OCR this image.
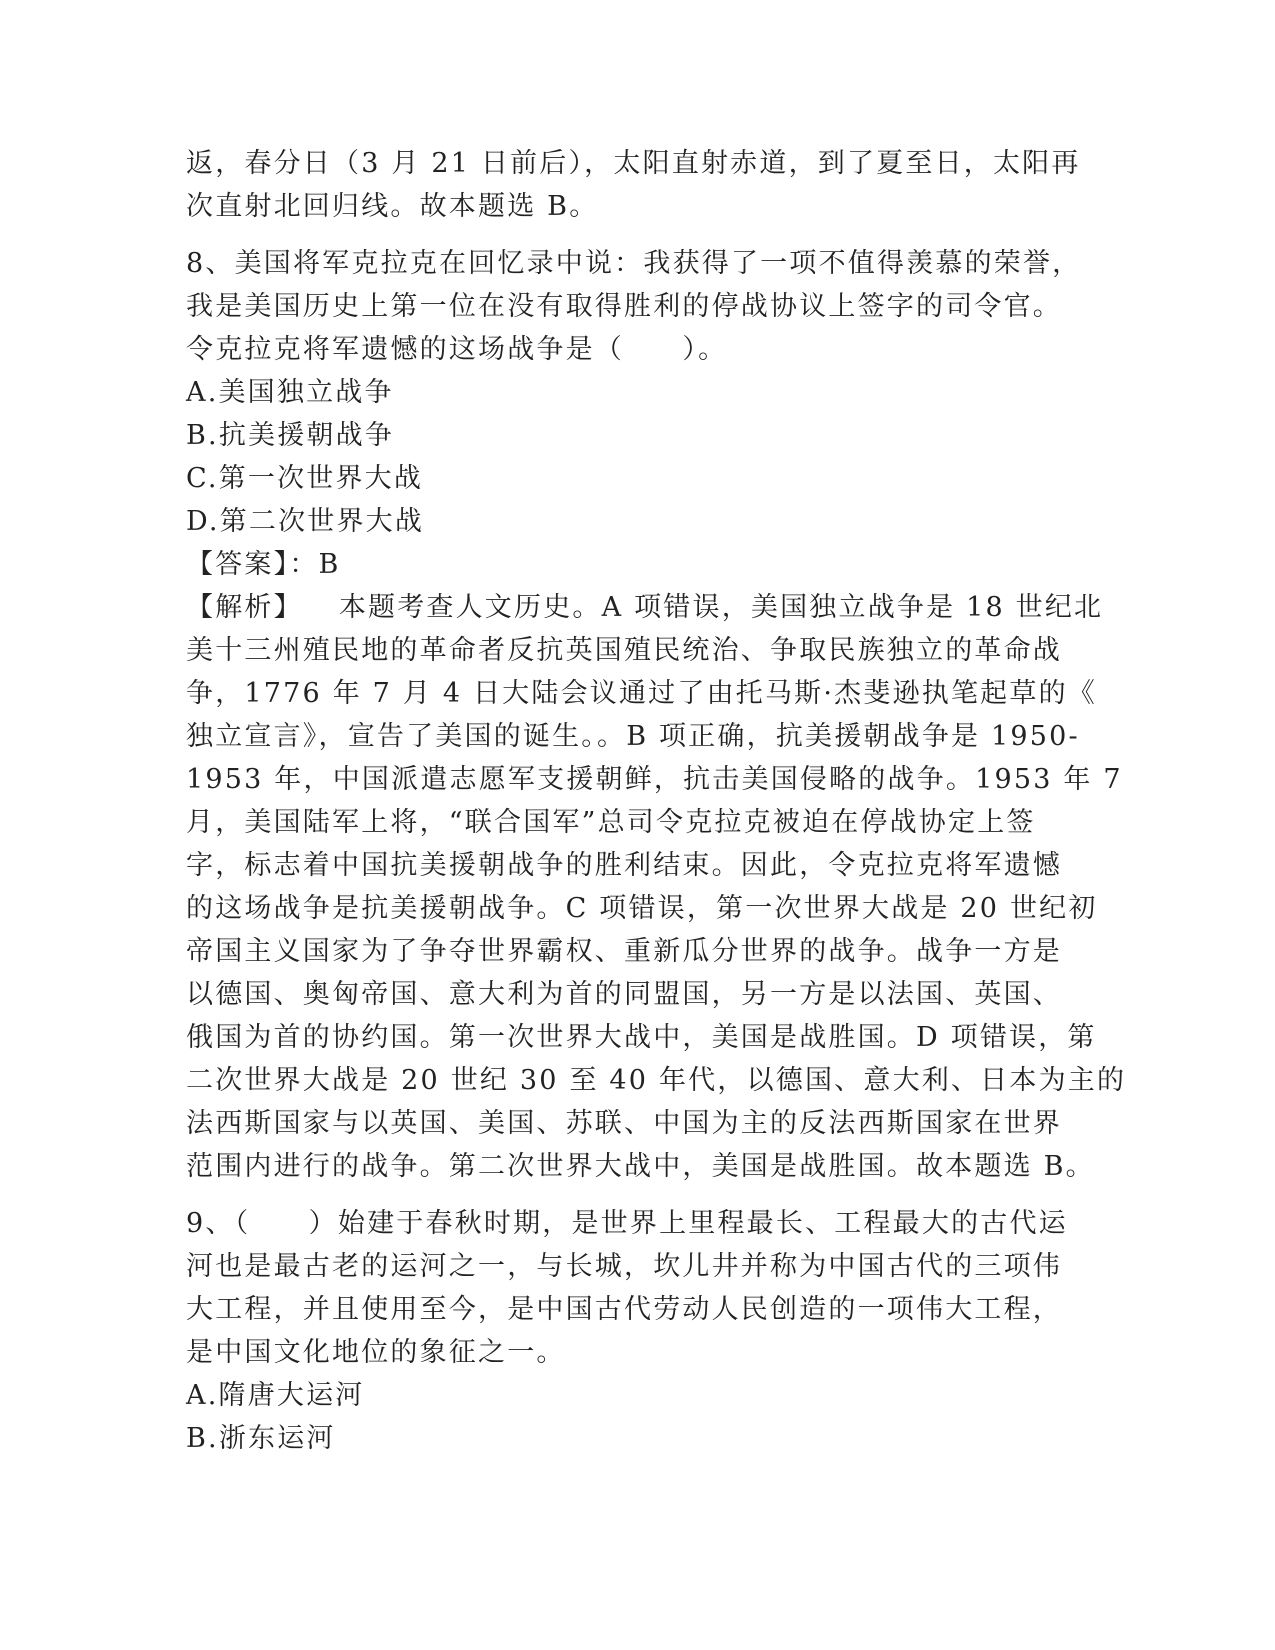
返，春分日（3 月 21 日前后），太阳直射赤道，到了夏至日，太阳再
次直射北回归线。故本题选 B。
8、美国将军克拉克在回忆录中说：我获得了一项不值得羡慕的荣誉，
我是美国历史上第一位在没有取得胜利的停战协议上签字的司令官。
令克拉克将军遗憾的这场战争是（　　）。
A.美国独立战争
B.抗美援朝战争
C.第一次世界大战
D.第二次世界大战
【答案】：B
【解析】 本题考查人文历史。A 项错误，美国独立战争是 18 世纪北
美十三州殖民地的革命者反抗英国殖民统治、争取民族独立的革命战
争，1776 年 7 月 4 日大陆会议通过了由托马斯·杰斐逊执笔起草的《
独立宣言》，宣告了美国的诞生。。B 项正确，抗美援朝战争是 1950-
1953 年，中国派遣志愿军支援朝鲜，抗击美国侵略的战争。1953 年 7
月，美国陆军上将，“联合国军”总司令克拉克被迫在停战协定上签
字，标志着中国抗美援朝战争的胜利结束。因此，令克拉克将军遗憾
的这场战争是抗美援朝战争。C 项错误，第一次世界大战是 20 世纪初
帝国主义国家为了争夺世界霸权、重新瓜分世界的战争。战争一方是
以德国、奥匈帝国、意大利为首的同盟国，另一方是以法国、英国、
俄国为首的协约国。第一次世界大战中，美国是战胜国。D 项错误，第
二次世界大战是 20 世纪 30 至 40 年代，以德国、意大利、日本为主的
法西斯国家与以英国、美国、苏联、中国为主的反法西斯国家在世界
范围内进行的战争。第二次世界大战中，美国是战胜国。故本题选 B。
9、（　　）始建于春秋时期，是世界上里程最长、工程最大的古代运
河也是最古老的运河之一，与长城，坎儿井并称为中国古代的三项伟
大工程，并且使用至今，是中国古代劳动人民创造的一项伟大工程，
是中国文化地位的象征之一。
A.隋唐大运河
B.浙东运河
